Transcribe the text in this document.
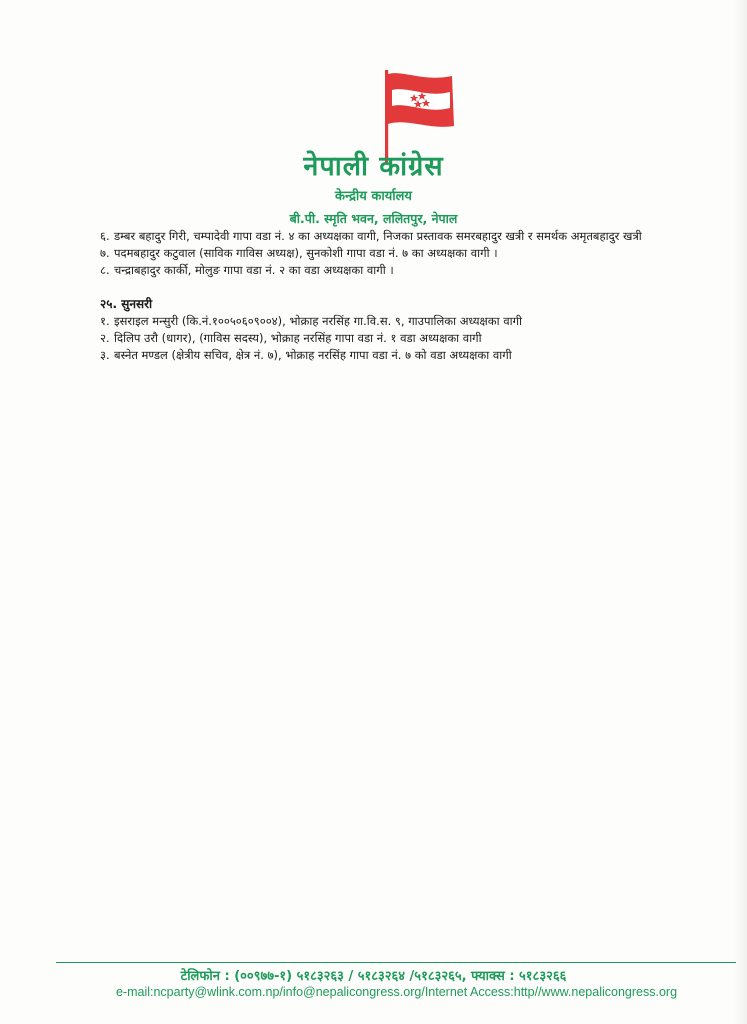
नेपाली कांग्रेस
केन्द्रीय कार्यालय
बी.पी. स्मृति भवन, ललितपुर, नेपाल
६. डम्बर बहादुर गिरी, चम्पादेवी गापा वडा नं. ४ का अध्यक्षका वागी, निजका प्रस्तावक समरबहादुर खत्री र समर्थक अमृतबहादुर खत्री
७. पदमबहादुर कटुवाल (साविक गाविस अध्यक्ष), सुनकोशी गापा वडा नं. ७ का अध्यक्षका वागी ।
८. चन्द्राबहादुर कार्की, मोलुङ गापा वडा नं. २ का वडा अध्यक्षका वागी ।
२५. सुनसरी
१. इसराइल मन्सुरी (कि.नं.१००५०६०९००४), भोक्राह नरसिंह गा.वि.स. ९, गाउपालिका अध्यक्षका वागी
२. दिलिप उरौ (धागर), (गाविस सदस्य), भोक्राह नरसिंह गापा वडा नं. १ वडा अध्यक्षका वागी
३. बस्नेत मण्डल (क्षेत्रीय सचिव, क्षेत्र नं. ७), भोक्राह नरसिंह गापा वडा नं. ७ को वडा अध्यक्षका वागी
टेलिफोन : (००९७७-१) ५१८३२६३ / ५१८३२६४ /५१८३२६५, फ्याक्स : ५१८३२६६
e-mail:ncparty@wlink.com.np/info@nepalicongress.org/Internet Access:http//www.nepalicongress.org
